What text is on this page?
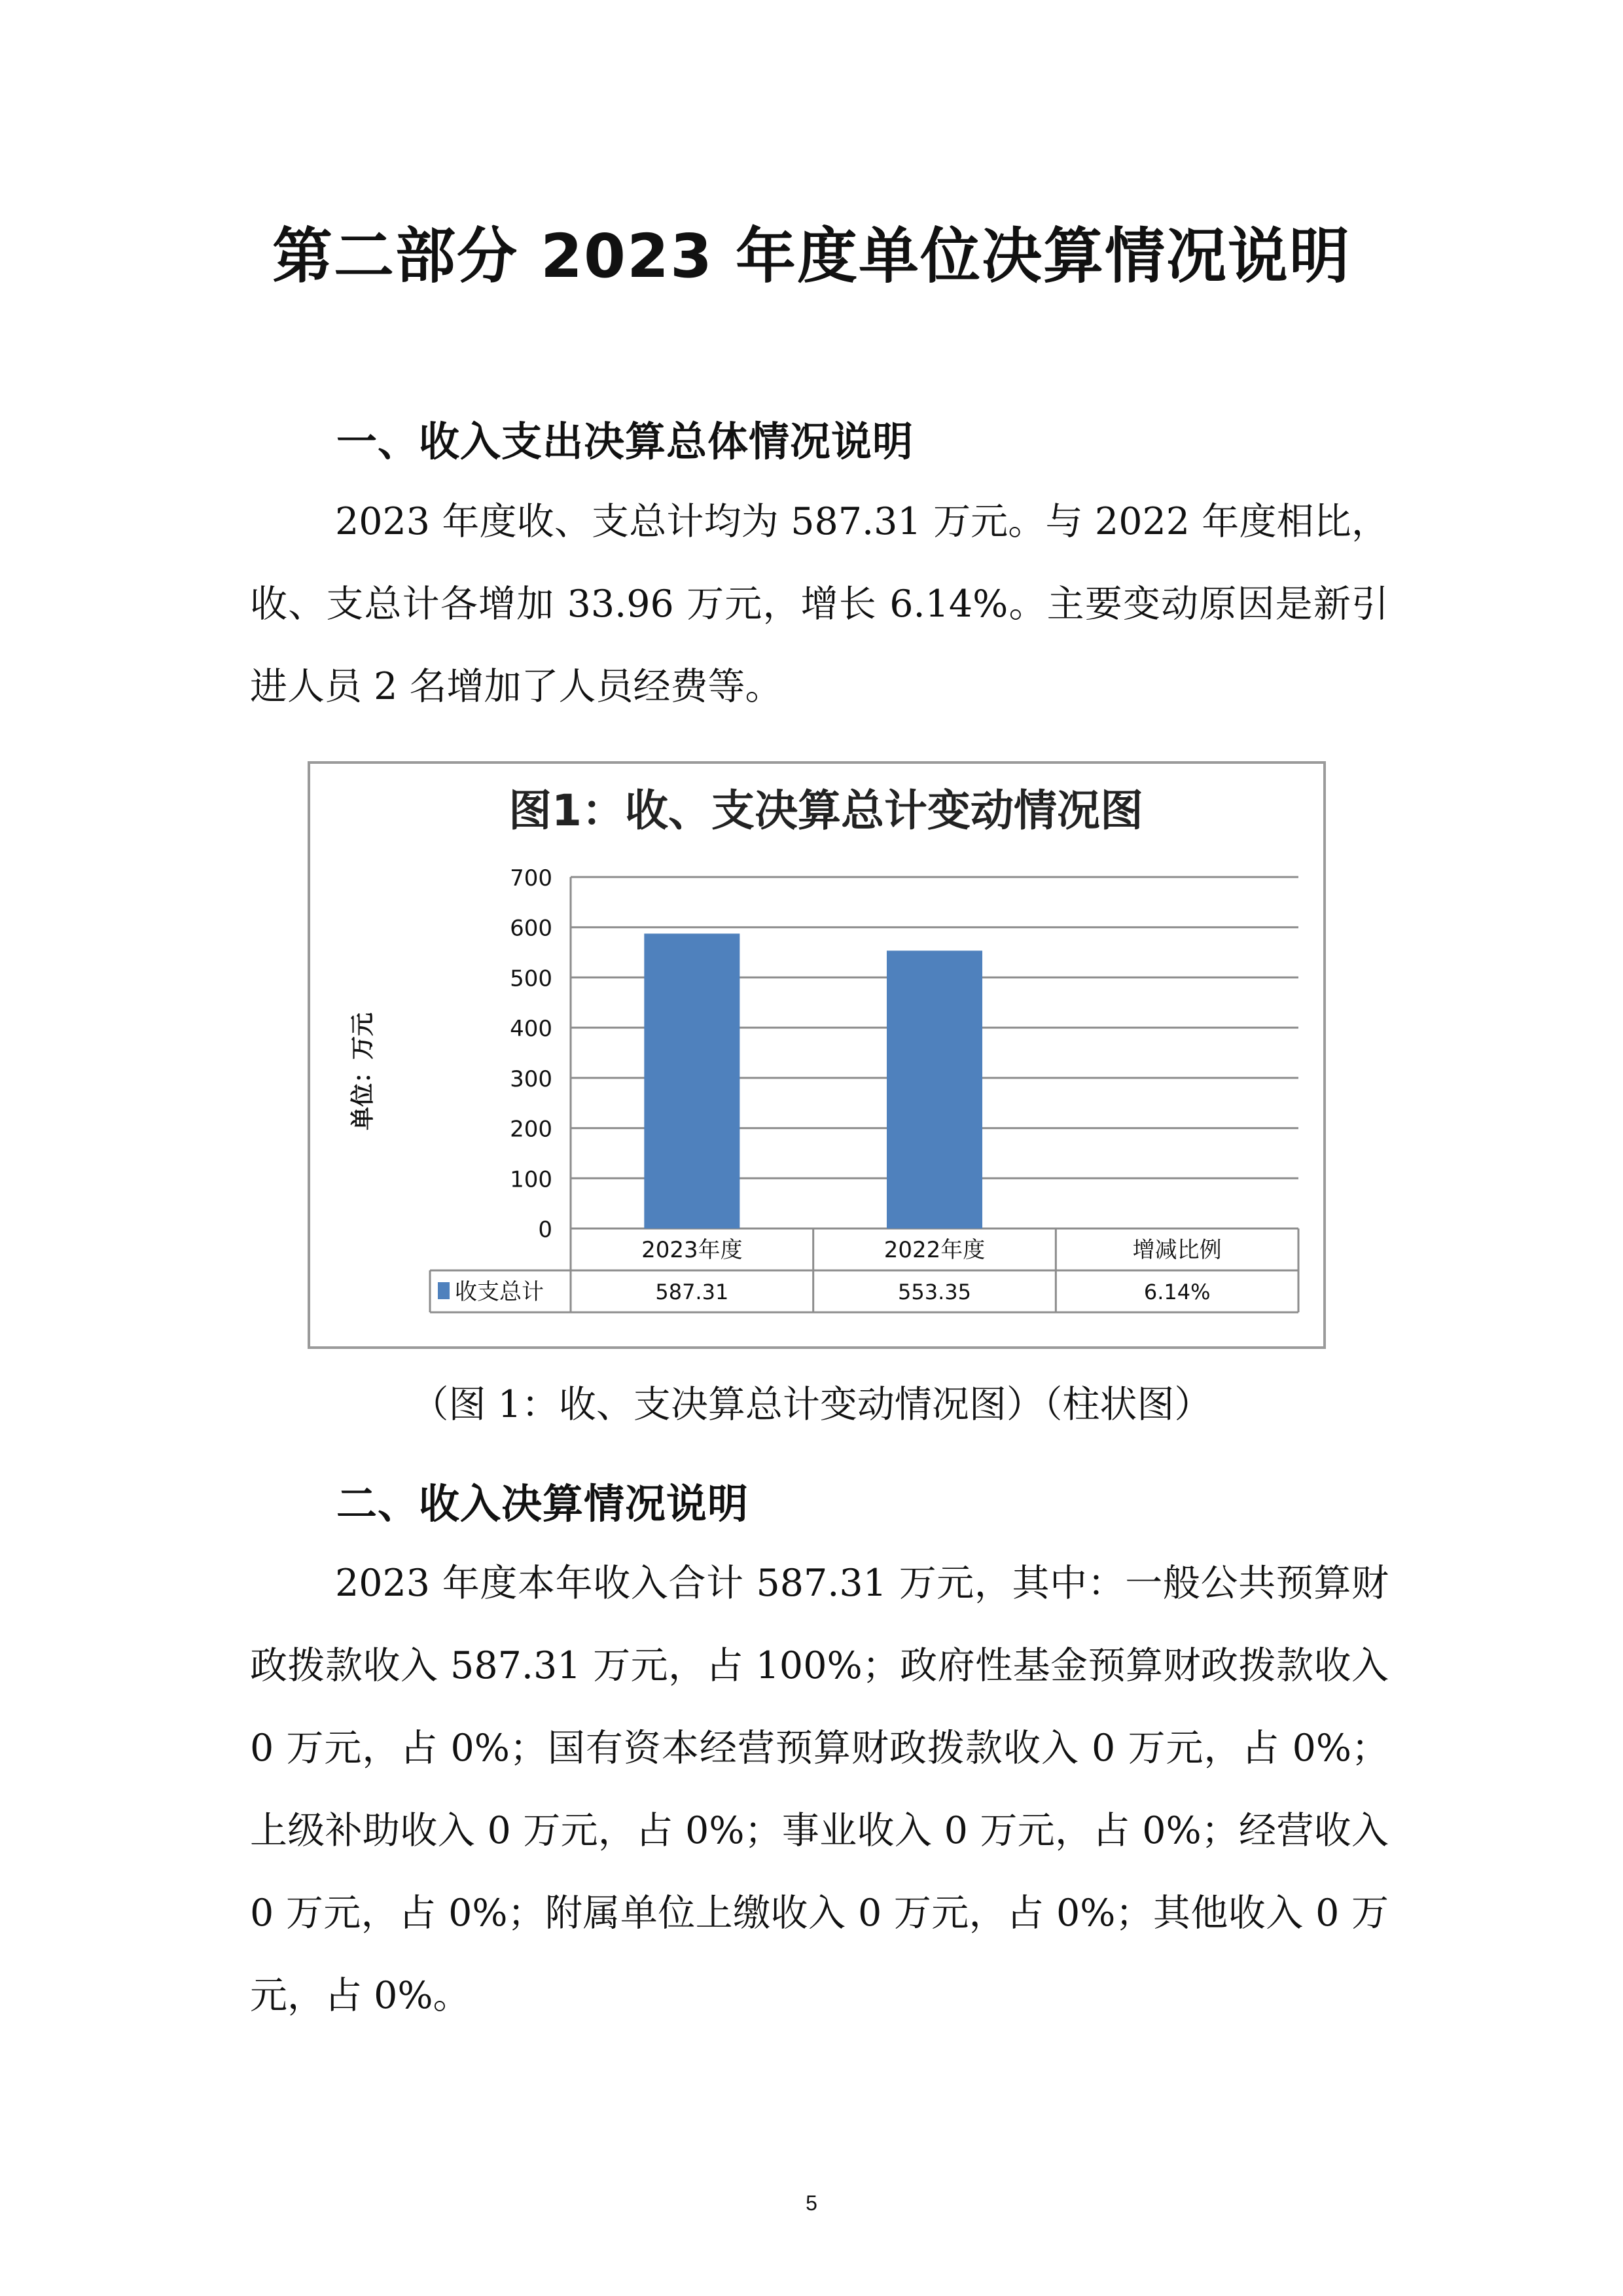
第二部分 2023 年度单位决算情况说明
一、收入支出决算总体情况说明
2023 年度收、支总计均为 587.31 万元。与 2022 年度相比，收、支总计各增加 33.96 万元，增长 6.14%。主要变动原因是新引进人员 2 名增加了人员经费等。
图1：收、支决算总计变动情况图
单位：万元
700
600
500
400
300
200
100
0
2023年度
587.31
2022年度
553.35
增减比例
6.14%
收支总计
（图 1：收、支决算总计变动情况图）（柱状图）
二、收入决算情况说明
2023 年度本年收入合计 587.31 万元，其中：一般公共预算财政拨款收入 587.31 万元，占 100%；政府性基金预算财政拨款收入 0 万元，占 0%；国有资本经营预算财政拨款收入 0 万元，占 0%；上级补助收入 0 万元，占 0%；事业收入 0 万元，占 0%；经营收入 0 万元，占 0%；附属单位上缴收入 0 万元，占 0%；其他收入 0 万元，占 0%。
5
